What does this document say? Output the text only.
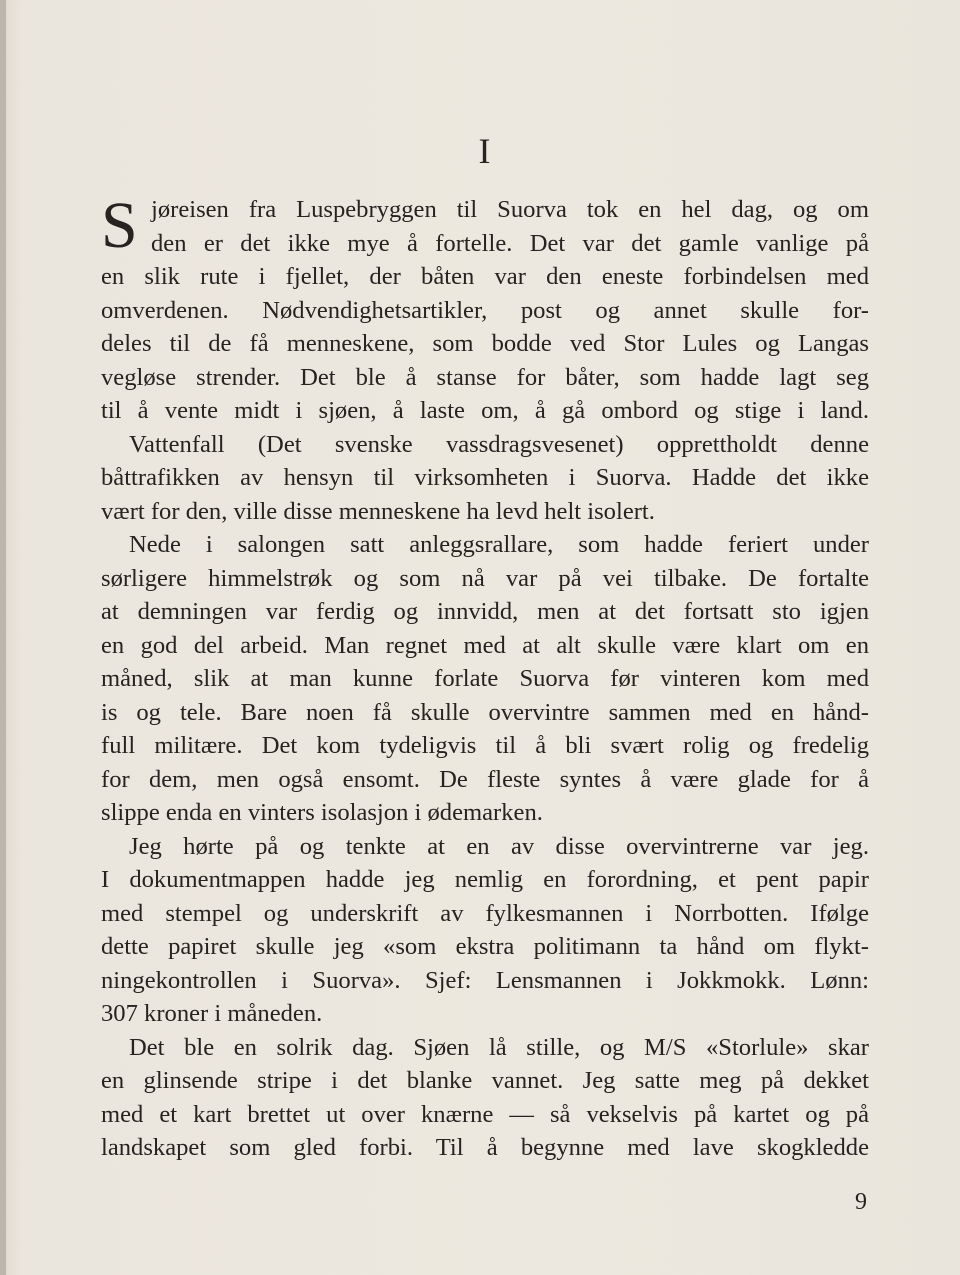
I
S jøreisen fra Luspebryggen til Suorva tok en hel dag, og om
den er det ikke mye å fortelle. Det var det gamle vanlige på
en slik rute i fjellet, der båten var den eneste forbindelsen med
omverdenen. Nødvendighetsartikler, post og annet skulle for-
deles til de få menneskene, som bodde ved Stor Lules og Langas
vegløse strender. Det ble å stanse for båter, som hadde lagt seg
til å vente midt i sjøen, å laste om, å gå ombord og stige i land.
Vattenfall (Det svenske vassdragsvesenet) opprettholdt denne
båttrafikken av hensyn til virksomheten i Suorva. Hadde det ikke
vært for den, ville disse menneskene ha levd helt isolert.
Nede i salongen satt anleggsrallare, som hadde feriert under
sørligere himmelstrøk og som nå var på vei tilbake. De fortalte
at demningen var ferdig og innvidd, men at det fortsatt sto igjen
en god del arbeid. Man regnet med at alt skulle være klart om en
måned, slik at man kunne forlate Suorva før vinteren kom med
is og tele. Bare noen få skulle overvintre sammen med en hånd-
full militære. Det kom tydeligvis til å bli svært rolig og fredelig
for dem, men også ensomt. De fleste syntes å være glade for å
slippe enda en vinters isolasjon i ødemarken.
Jeg hørte på og tenkte at en av disse overvintrerne var jeg.
I dokumentmappen hadde jeg nemlig en forordning, et pent papir
med stempel og underskrift av fylkesmannen i Norrbotten. Ifølge
dette papiret skulle jeg «som ekstra politimann ta hånd om flykt-
ningekontrollen i Suorva». Sjef: Lensmannen i Jokkmokk. Lønn:
307 kroner i måneden.
Det ble en solrik dag. Sjøen lå stille, og M/S «Storlule» skar
en glinsende stripe i det blanke vannet. Jeg satte meg på dekket
med et kart brettet ut over knærne — så vekselvis på kartet og på
landskapet som gled forbi. Til å begynne med lave skogkledde
9
